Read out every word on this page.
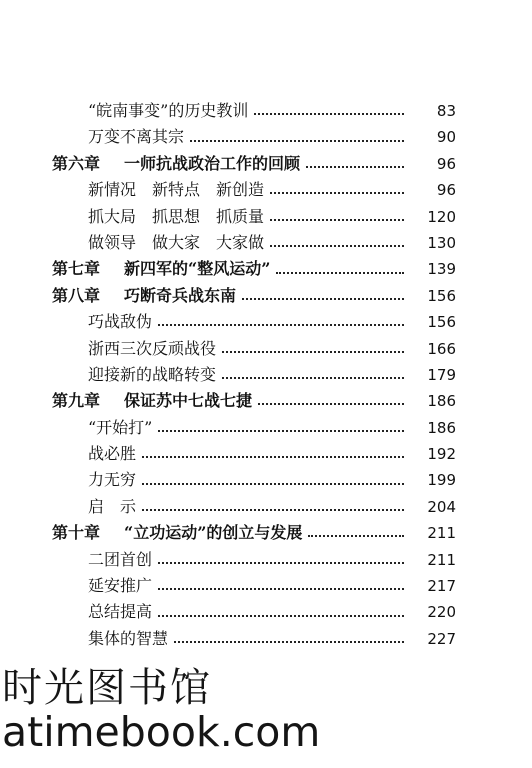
“皖南事变”的历史教训	83
万变不离其宗	90
第六章	一师抗战政治工作的回顾	96
新情况　新特点　新创造	96
抓大局　抓思想　抓质量	120
做领导　做大家　大家做	130
第七章	新四军的“整风运动”	139
第八章	巧断奇兵战东南	156
巧战敌伪	156
浙西三次反顽战役	166
迎接新的战略转变	179
第九章	保证苏中七战七捷	186
“开始打”	186
战必胜	192
力无穷	199
启　示	204
第十章	“立功运动”的创立与发展	211
二团首创	211
延安推广	217
总结提高	220
集体的智慧	227
时光图书馆
atimebook.com
